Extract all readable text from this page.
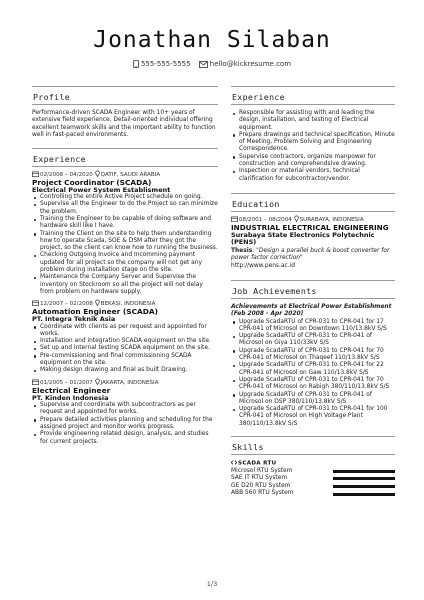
Jonathan Silaban
555-555-5555	hello@kickresume.com
Profile
Performance-driven SCADA Engineer with 10+ years of extensive field experience. Detail-oriented individual offering excellent teamwork skills and the important ability to function well in fast-paced environments.
Experience
02/2008 – 04/2020 QATIF, SAUDI ARABIA
Project Coordinator (SCADA)
Electrical Power System Establisment
Controlling the entire Active Project schedule on going.
Supervise all the Engineer to do the Project so can minimize the problem.
Training the Engineer to be capable of doing software and hardware skill like I have.
Training the Client on the site to help them understanding how to operate Scada, SOE & DSM after they got the project, so the client can know how to running the business.
Checking Outgoing Invoice and Incomming payment updated for all project so the company will not get any problem during installation stage on the site.
Maintenance the Company Server and Supervise the inventory on Stockroom so all the project will not delay from problem on hardware supply.
12/2007 – 02/2008 BEKASI, INDONESIA
Automation Engineer (SCADA)
PT. Integra Teknik Asia
Coordinate with clients as per request and appointed for works.
Installation and integration SCADA equipment on the site.
Set up and internal testing SCADA equipment on the site.
Pre-commissioning and final commissioning SCADA equipment on the site.
Making design drawing and final as built Drawing.
01/2005 – 01/2007 JAKARTA, INDONESIA
Electrical Engineer
PT. Kinden Indonesia
Supervise and coordinate with subcontractors as per request and appointed for works.
Prepare detailed activities planning and scheduling for the assigned project and monitor works progress.
Provide engineering related design, analysis, and studies for current projects.
Experience
Responsible for assisting with and leading the design, installation, and testing of Electrical equipment.
Prepare drawings and technical specification, Minute of Meeting, Problem Solving and Engineering Correspondence.
Supervise contractors, organize manpower for construction and comprehendsive drawing.
Inspection or material vendors, technical clarification for subcontractor/vendor.
Education
08/2001 – 08/2004 SURABAYA, INDONESIA
INDUSTRIAL ELECTRICAL ENGINEERING
Surabaya State Electronics Polytechnic (PENS)
Thesis: "Design a parallel buck & boost converter for power factor correction"
http://www.pens.ac.id
Job Achievements
Achievements at Electrical Power Establishment (Feb 2008 - Apr 2020)
Upgrade ScadaRTU of CPR-031 to CPR-041 for 17 CPR-041 of Microsol on Downtown 110/13.8kV S/S
Upgrade ScadaRTU of CPR-031 to CPR-041 of Microsol on Giya 110/33kV S/S
Upgrade ScadaRTU of CPR-031 to CPR-041 for 70 CPR-041 of Microsol on Thaqeef 110/13.8kV S/S
Upgrade ScadaRTU of CPR-031 to CPR-041 for 22 CPR-041 of Microsol on Gaw 110/13.8kV S/S
Upgrade ScadaRTU of CPR-031 to CPR-041 for 70 CPR-041 of Microsol on Rabigh 380/110/13.8kV S/S
Upgrade ScadaRTU of CPR-031 to CPR-041 of Microsol on DSP 380/110/13.8kV S/S
Upgrade ScadaRTU of CPR-031 to CPR-041 for 100 CPR-041 of Microsol on High Voltage Plant 380/110/13.8kV S/S
Skills
SCADA RTU
Microsol RTU System
SAE IT RTU System
GE D20 RTU System
ABB 560 RTU System
1/3
